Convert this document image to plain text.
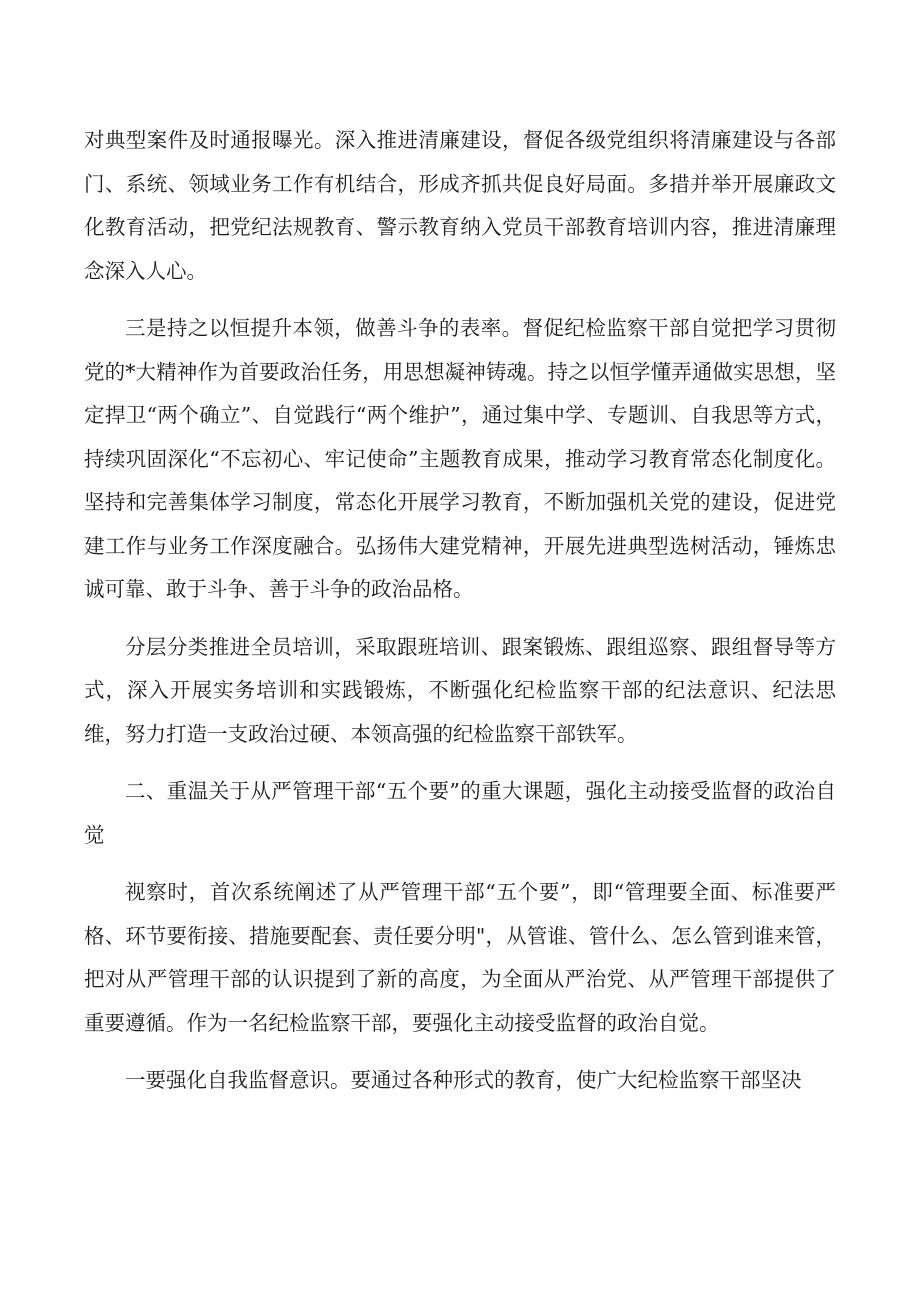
对典型案件及时通报曝光。深入推进清廉建设，督促各级党组织将清廉建设与各部门、系统、领域业务工作有机结合，形成齐抓共促良好局面。多措并举开展廉政文化教育活动，把党纪法规教育、警示教育纳入党员干部教育培训内容，推进清廉理念深入人心。

三是持之以恒提升本领，做善斗争的表率。督促纪检监察干部自觉把学习贯彻党的*大精神作为首要政治任务，用思想凝神铸魂。持之以恒学懂弄通做实思想，坚定捍卫“两个确立”、自觉践行“两个维护”，通过集中学、专题训、自我思等方式，持续巩固深化“不忘初心、牢记使命”主题教育成果，推动学习教育常态化制度化。坚持和完善集体学习制度，常态化开展学习教育，不断加强机关党的建设，促进党建工作与业务工作深度融合。弘扬伟大建党精神，开展先进典型选树活动，锤炼忠诚可靠、敢于斗争、善于斗争的政治品格。

分层分类推进全员培训，采取跟班培训、跟案锻炼、跟组巡察、跟组督导等方式，深入开展实务培训和实践锻炼，不断强化纪检监察干部的纪法意识、纪法思维，努力打造一支政治过硬、本领高强的纪检监察干部铁军。

二、重温关于从严管理干部“五个要”的重大课题，强化主动接受监督的政治自觉

视察时，首次系统阐述了从严管理干部“五个要”，即“管理要全面、标准要严格、环节要衔接、措施要配套、责任要分明"，从管谁、管什么、怎么管到谁来管，把对从严管理干部的认识提到了新的高度，为全面从严治党、从严管理干部提供了重要遵循。作为一名纪检监察干部，要强化主动接受监督的政治自觉。

一要强化自我监督意识。要通过各种形式的教育，使广大纪检监察干部坚决
